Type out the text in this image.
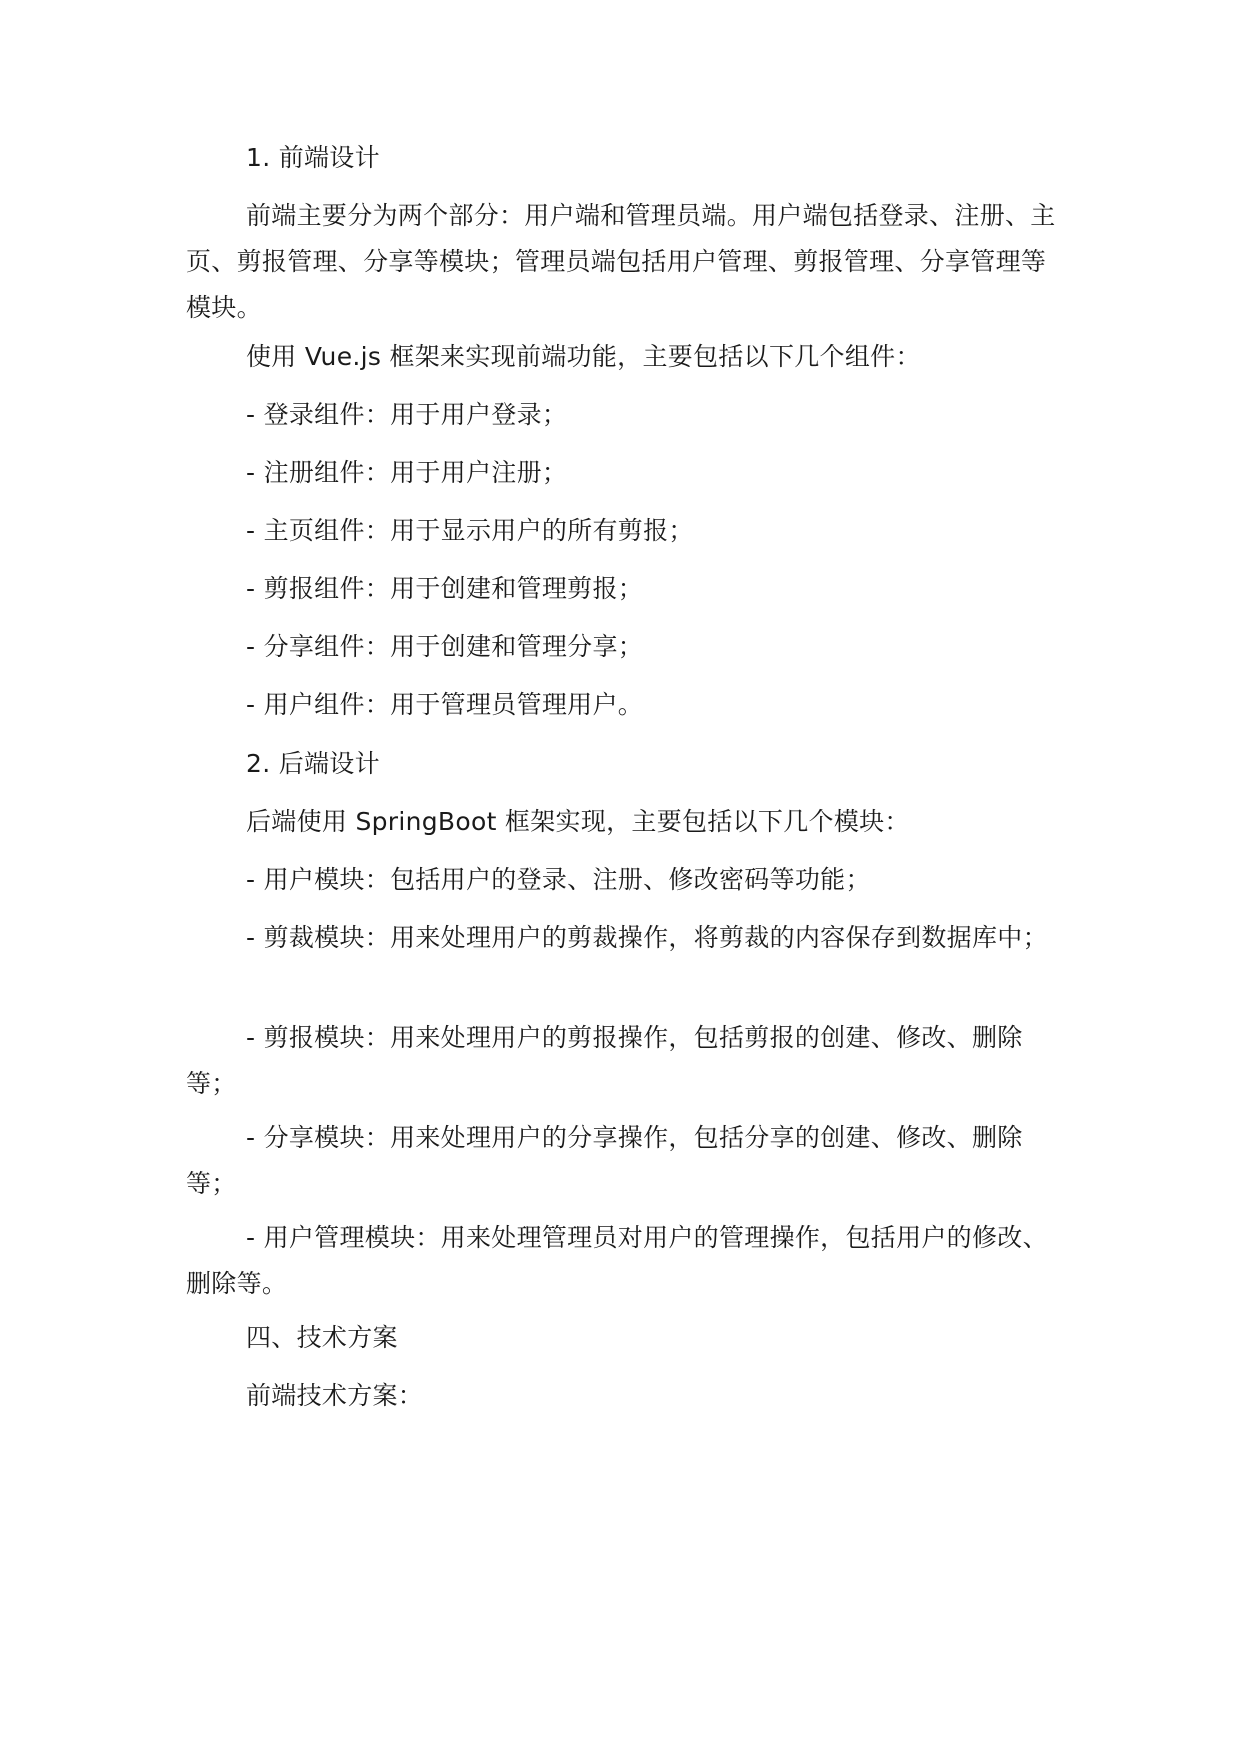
1. 前端设计

前端主要分为两个部分：用户端和管理员端。用户端包括登录、注册、主页、剪报管理、分享等模块；管理员端包括用户管理、剪报管理、分享管理等模块。

使用 Vue.js 框架来实现前端功能，主要包括以下几个组件：

- 登录组件：用于用户登录；

- 注册组件：用于用户注册；

- 主页组件：用于显示用户的所有剪报；

- 剪报组件：用于创建和管理剪报；

- 分享组件：用于创建和管理分享；

- 用户组件：用于管理员管理用户。

2. 后端设计

后端使用 SpringBoot 框架实现，主要包括以下几个模块：

- 用户模块：包括用户的登录、注册、修改密码等功能；

- 剪裁模块：用来处理用户的剪裁操作，将剪裁的内容保存到数据库中；

- 剪报模块：用来处理用户的剪报操作，包括剪报的创建、修改、删除等；

- 分享模块：用来处理用户的分享操作，包括分享的创建、修改、删除等；

- 用户管理模块：用来处理管理员对用户的管理操作，包括用户的修改、删除等。

四、技术方案

前端技术方案：
